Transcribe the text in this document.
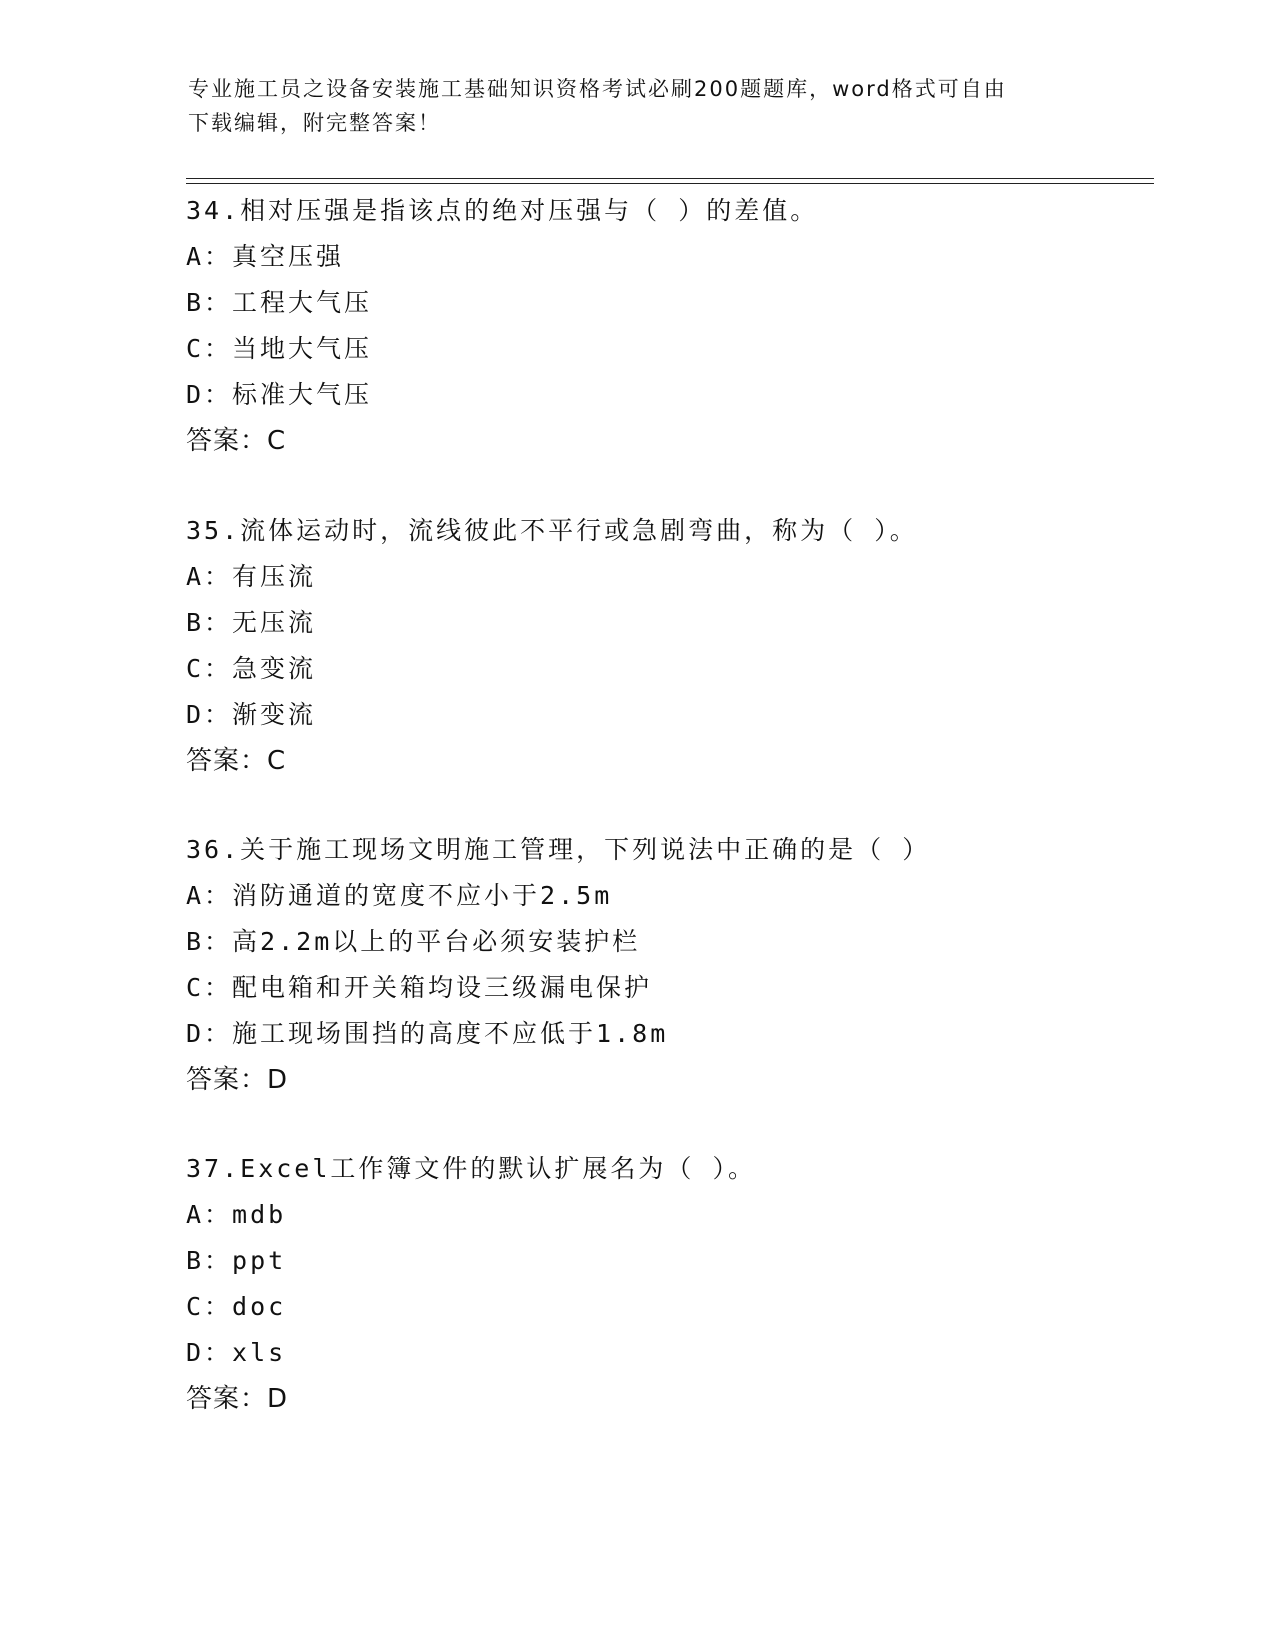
专业施工员之设备安装施工基础知识资格考试必刷200题题库，word格式可自由
下载编辑，附完整答案！
34.相对压强是指该点的绝对压强与（ ）的差值。
A：真空压强
B：工程大气压
C：当地大气压
D：标准大气压
答案：C
35.流体运动时，流线彼此不平行或急剧弯曲，称为（ ）。
A：有压流
B：无压流
C：急变流
D：渐变流
答案：C
36.关于施工现场文明施工管理，下列说法中正确的是（ ）
A：消防通道的宽度不应小于2.5m
B：高2.2m以上的平台必须安装护栏
C：配电箱和开关箱均设三级漏电保护
D：施工现场围挡的高度不应低于1.8m
答案：D
37.Excel工作簿文件的默认扩展名为（ ）。
A：mdb
B：ppt
C：doc
D：xls
答案：D
